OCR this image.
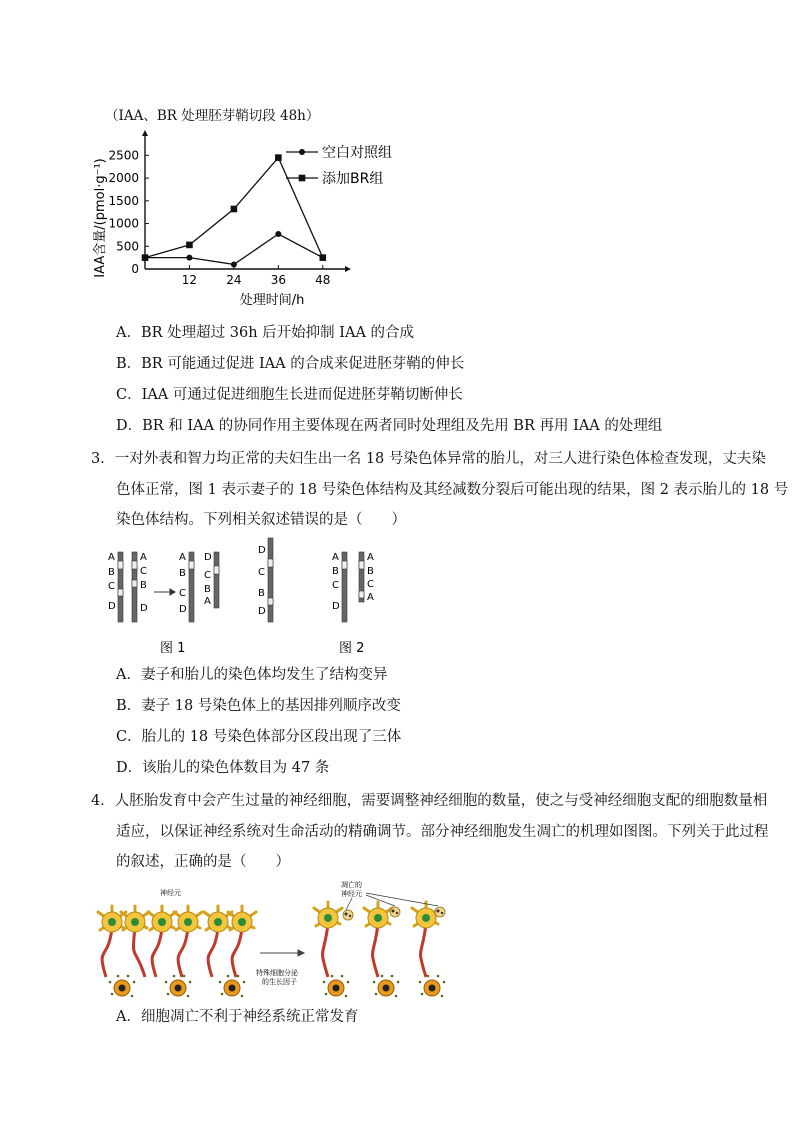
（IAA、BR 处理胚芽鞘切段 48h）
0
500
1000
1500
2000
2500
12 24 36 48
空白对照组
添加BR组
IAA含量/(pmol·g⁻¹)
处理时间/h
A．BR 处理超过 36h 后开始抑制 IAA 的合成
B．BR 可能通过促进 IAA 的合成来促进胚芽鞘的伸长
C．IAA 可通过促进细胞生长进而促进胚芽鞘切断伸长
D．BR 和 IAA 的协同作用主要体现在两者同时处理组及先用 BR 再用 IAA 的处理组
3．一对外表和智力均正常的夫妇生出一名 18 号染色体异常的胎儿，对三人进行染色体检查发现，丈夫染
色体正常，图 1 表示妻子的 18 号染色体结构及其经减数分裂后可能出现的结果，图 2 表示胎儿的 18 号
染色体结构。下列相关叙述错误的是（　　）
A
B
C
D
A
C
B
D
A
B
C
D
D
C
B
A
D
C
B
D
A
B
C
D
A
B
C
A
图 1	图 2
A．妻子和胎儿的染色体均发生了结构变异
B．妻子 18 号染色体上的基因排列顺序改变
C．胎儿的 18 号染色体部分区段出现了三体
D．该胎儿的染色体数目为 47 条
4．人胚胎发育中会产生过量的神经细胞，需要调整神经细胞的数量，使之与受神经细胞支配的细胞数量相
适应，以保证神经系统对生命活动的精确调节。部分神经细胞发生凋亡的机理如图图。下列关于此过程
的叙述，正确的是（　　）
神经元
凋亡的
神经元
特殊细胞分泌
的生长因子
A．细胞凋亡不利于神经系统正常发育
